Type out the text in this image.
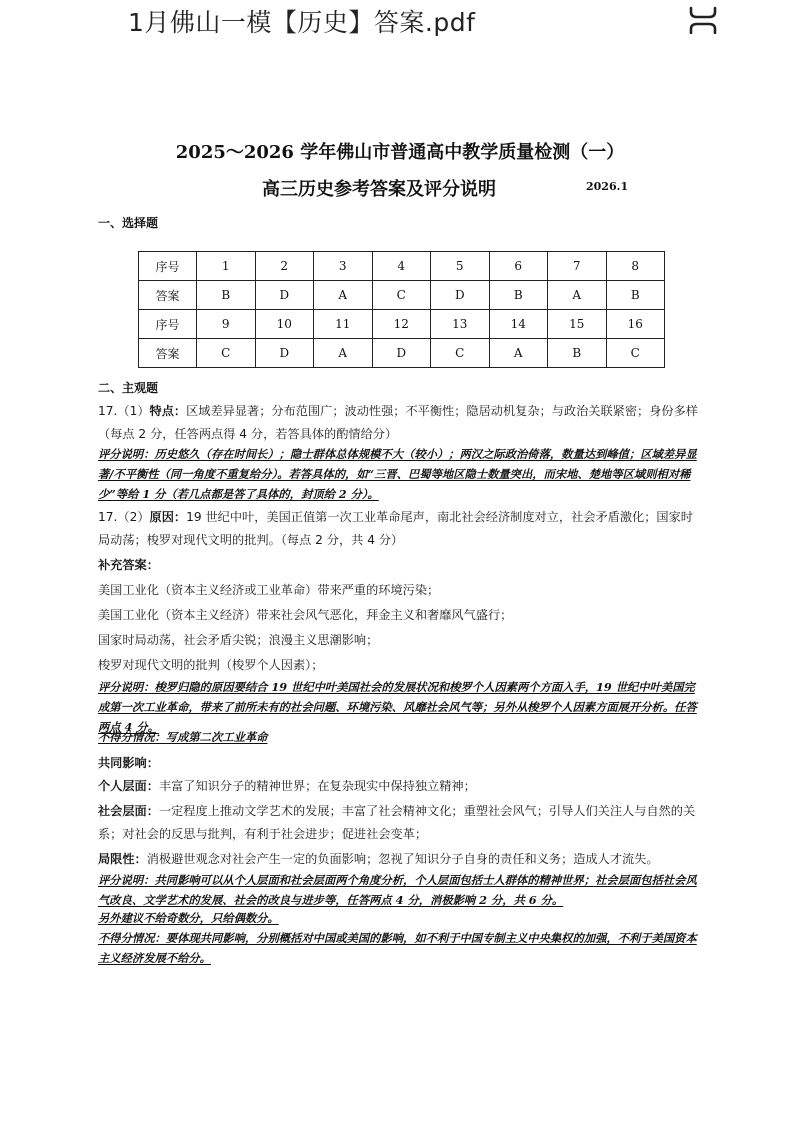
1月佛山一模【历史】答案.pdf
2025～2026 学年佛山市普通高中教学质量检测（一）
高三历史参考答案及评分说明	2026.1
一、选择题
序号	1	2	3	4	5	6	7	8
答案	B	D	A	C	D	B	A	B
序号	9	10	11	12	13	14	15	16
答案	C	D	A	D	C	A	B	C
二、主观题
17.（1）特点：区域差异显著；分布范围广；波动性强；不平衡性；隐居动机复杂；与政治关联紧密；身份多样（每点 2 分，任答两点得 4 分，若答具体的酌情给分）
评分说明：历史悠久（存在时间长）；隐士群体总体规模不大（较小）；两汉之际政治倚落，数量达到峰值；区域差异显著/不平衡性（同一角度不重复给分）。若答具体的，如“三晋、巴蜀等地区隐士数量突出，而宋地、楚地等区域则相对稀少”等给 1 分（若几点都是答了具体的，封顶给 2 分）。
17.（2）原因：19 世纪中叶，美国正值第一次工业革命尾声，南北社会经济制度对立，社会矛盾激化；国家时局动荡；梭罗对现代文明的批判。（每点 2 分，共 4 分）
补充答案：
美国工业化（资本主义经济或工业革命）带来严重的环境污染；
美国工业化（资本主义经济）带来社会风气恶化，拜金主义和奢靡风气盛行；
国家时局动荡，社会矛盾尖锐；浪漫主义思潮影响；
梭罗对现代文明的批判（梭罗个人因素）；
评分说明：梭罗归隐的原因要结合 19 世纪中叶美国社会的发展状况和梭罗个人因素两个方面入手，19 世纪中叶美国完成第一次工业革命，带来了前所未有的社会问题、环境污染、风靡社会风气等；另外从梭罗个人因素方面展开分析。任答两点 4 分。
不得分情况：写成第二次工业革命
共同影响：
个人层面：丰富了知识分子的精神世界；在复杂现实中保持独立精神；
社会层面：一定程度上推动文学艺术的发展；丰富了社会精神文化；重塑社会风气；引导人们关注人与自然的关系；对社会的反思与批判，有利于社会进步；促进社会变革；
局限性：消极避世观念对社会产生一定的负面影响；忽视了知识分子自身的责任和义务；造成人才流失。
评分说明：共同影响可以从个人层面和社会层面两个角度分析，个人层面包括士人群体的精神世界；社会层面包括社会风气改良、文学艺术的发展、社会的改良与进步等，任答两点 4 分，消极影响 2 分，共 6 分。
另外建议不给奇数分，只给偶数分。
不得分情况：要体现共同影响，分别概括对中国或美国的影响，如不利于中国专制主义中央集权的加强，不利于美国资本主义经济发展不给分。
